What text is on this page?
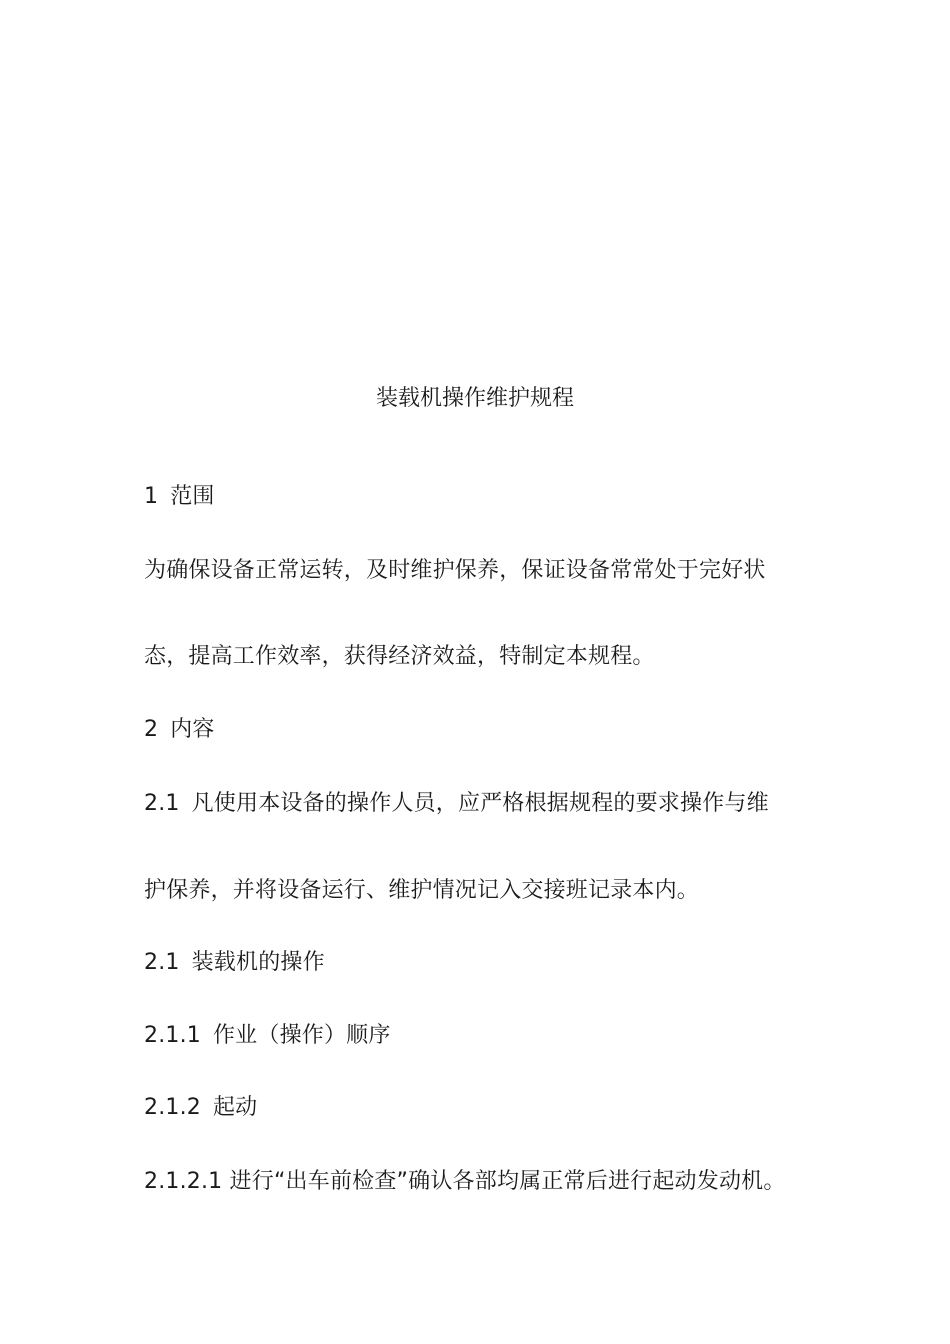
装载机操作维护规程
1 范围
为确保设备正常运转，及时维护保养，保证设备常常处于完好状
态，提高工作效率，获得经济效益，特制定本规程。
2 内容
2.1 凡使用本设备的操作人员，应严格根据规程的要求操作与维
护保养，并将设备运行、维护情况记入交接班记录本内。
2.1 装载机的操作
2.1.1 作业（操作）顺序
2.1.2 起动
2.1.2.1 进行“出车前检查”确认各部均属正常后进行起动发动机。
